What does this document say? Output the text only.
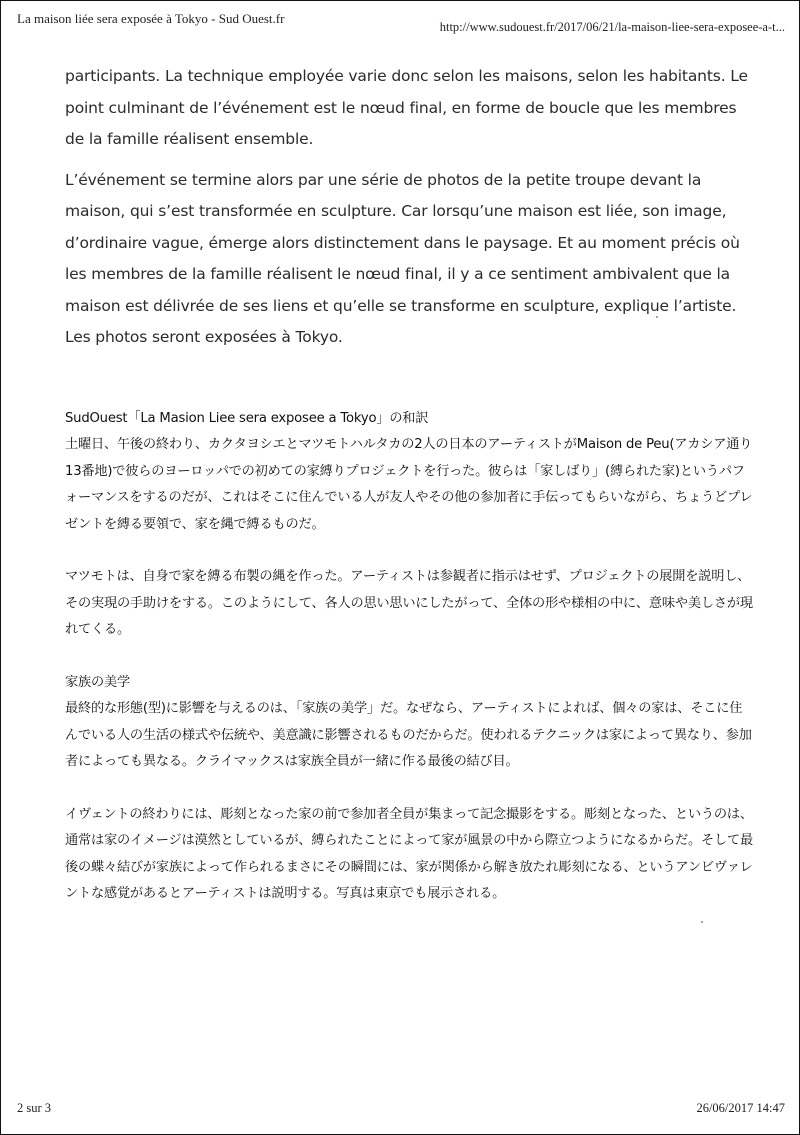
La maison liée sera exposée à Tokyo - Sud Ouest.fr
http://www.sudouest.fr/2017/06/21/la-maison-liee-sera-exposee-a-t...

participants. La technique employée varie donc selon les maisons, selon les habitants. Le point culminant de l’événement est le nœud final, en forme de boucle que les membres de la famille réalisent ensemble.

L’événement se termine alors par une série de photos de la petite troupe devant la maison, qui s’est transformée en sculpture. Car lorsqu’une maison est liée, son image, d’ordinaire vague, émerge alors distinctement dans le paysage. Et au moment précis où les membres de la famille réalisent le nœud final, il y a ce sentiment ambivalent que la maison est délivrée de ses liens et qu’elle se transforme en sculpture, explique l’artiste. Les photos seront exposées à Tokyo.

SudOuest「La Masion Liee sera exposee a Tokyo」の和訳

土曜日、午後の終わり、カクタヨシエとマツモトハルタカの2人の日本のアーティストがMaison de Peu(アカシア通り13番地)で彼らのヨーロッパでの初めての家縛りプロジェクトを行った。彼らは「家しばり」(縛られた家)というパフォーマンスをするのだが、これはそこに住んでいる人が友人やその他の参加者に手伝ってもらいながら、ちょうどプレゼントを縛る要領で、家を縄で縛るものだ。

マツモトは、自身で家を縛る布製の縄を作った。アーティストは参観者に指示はせず、プロジェクトの展開を説明し、その実現の手助けをする。このようにして、各人の思い思いにしたがって、全体の形や様相の中に、意味や美しさが現れてくる。

家族の美学

最終的な形態(型)に影響を与えるのは、「家族の美学」だ。なぜなら、アーティストによれば、個々の家は、そこに住んでいる人の生活の様式や伝統や、美意識に影響されるものだからだ。使われるテクニックは家によって異なり、参加者によっても異なる。クライマックスは家族全員が一緒に作る最後の結び目。

イヴェントの終わりには、彫刻となった家の前で参加者全員が集まって記念撮影をする。彫刻となった、というのは、通常は家のイメージは漠然としているが、縛られたことによって家が風景の中から際立つようになるからだ。そして最後の蝶々結びが家族によって作られるまさにその瞬間には、家が関係から解き放たれ彫刻になる、というアンビヴァレントな感覚があるとアーティストは説明する。写真は東京でも展示される。

2 sur 3	26/06/2017 14:47
